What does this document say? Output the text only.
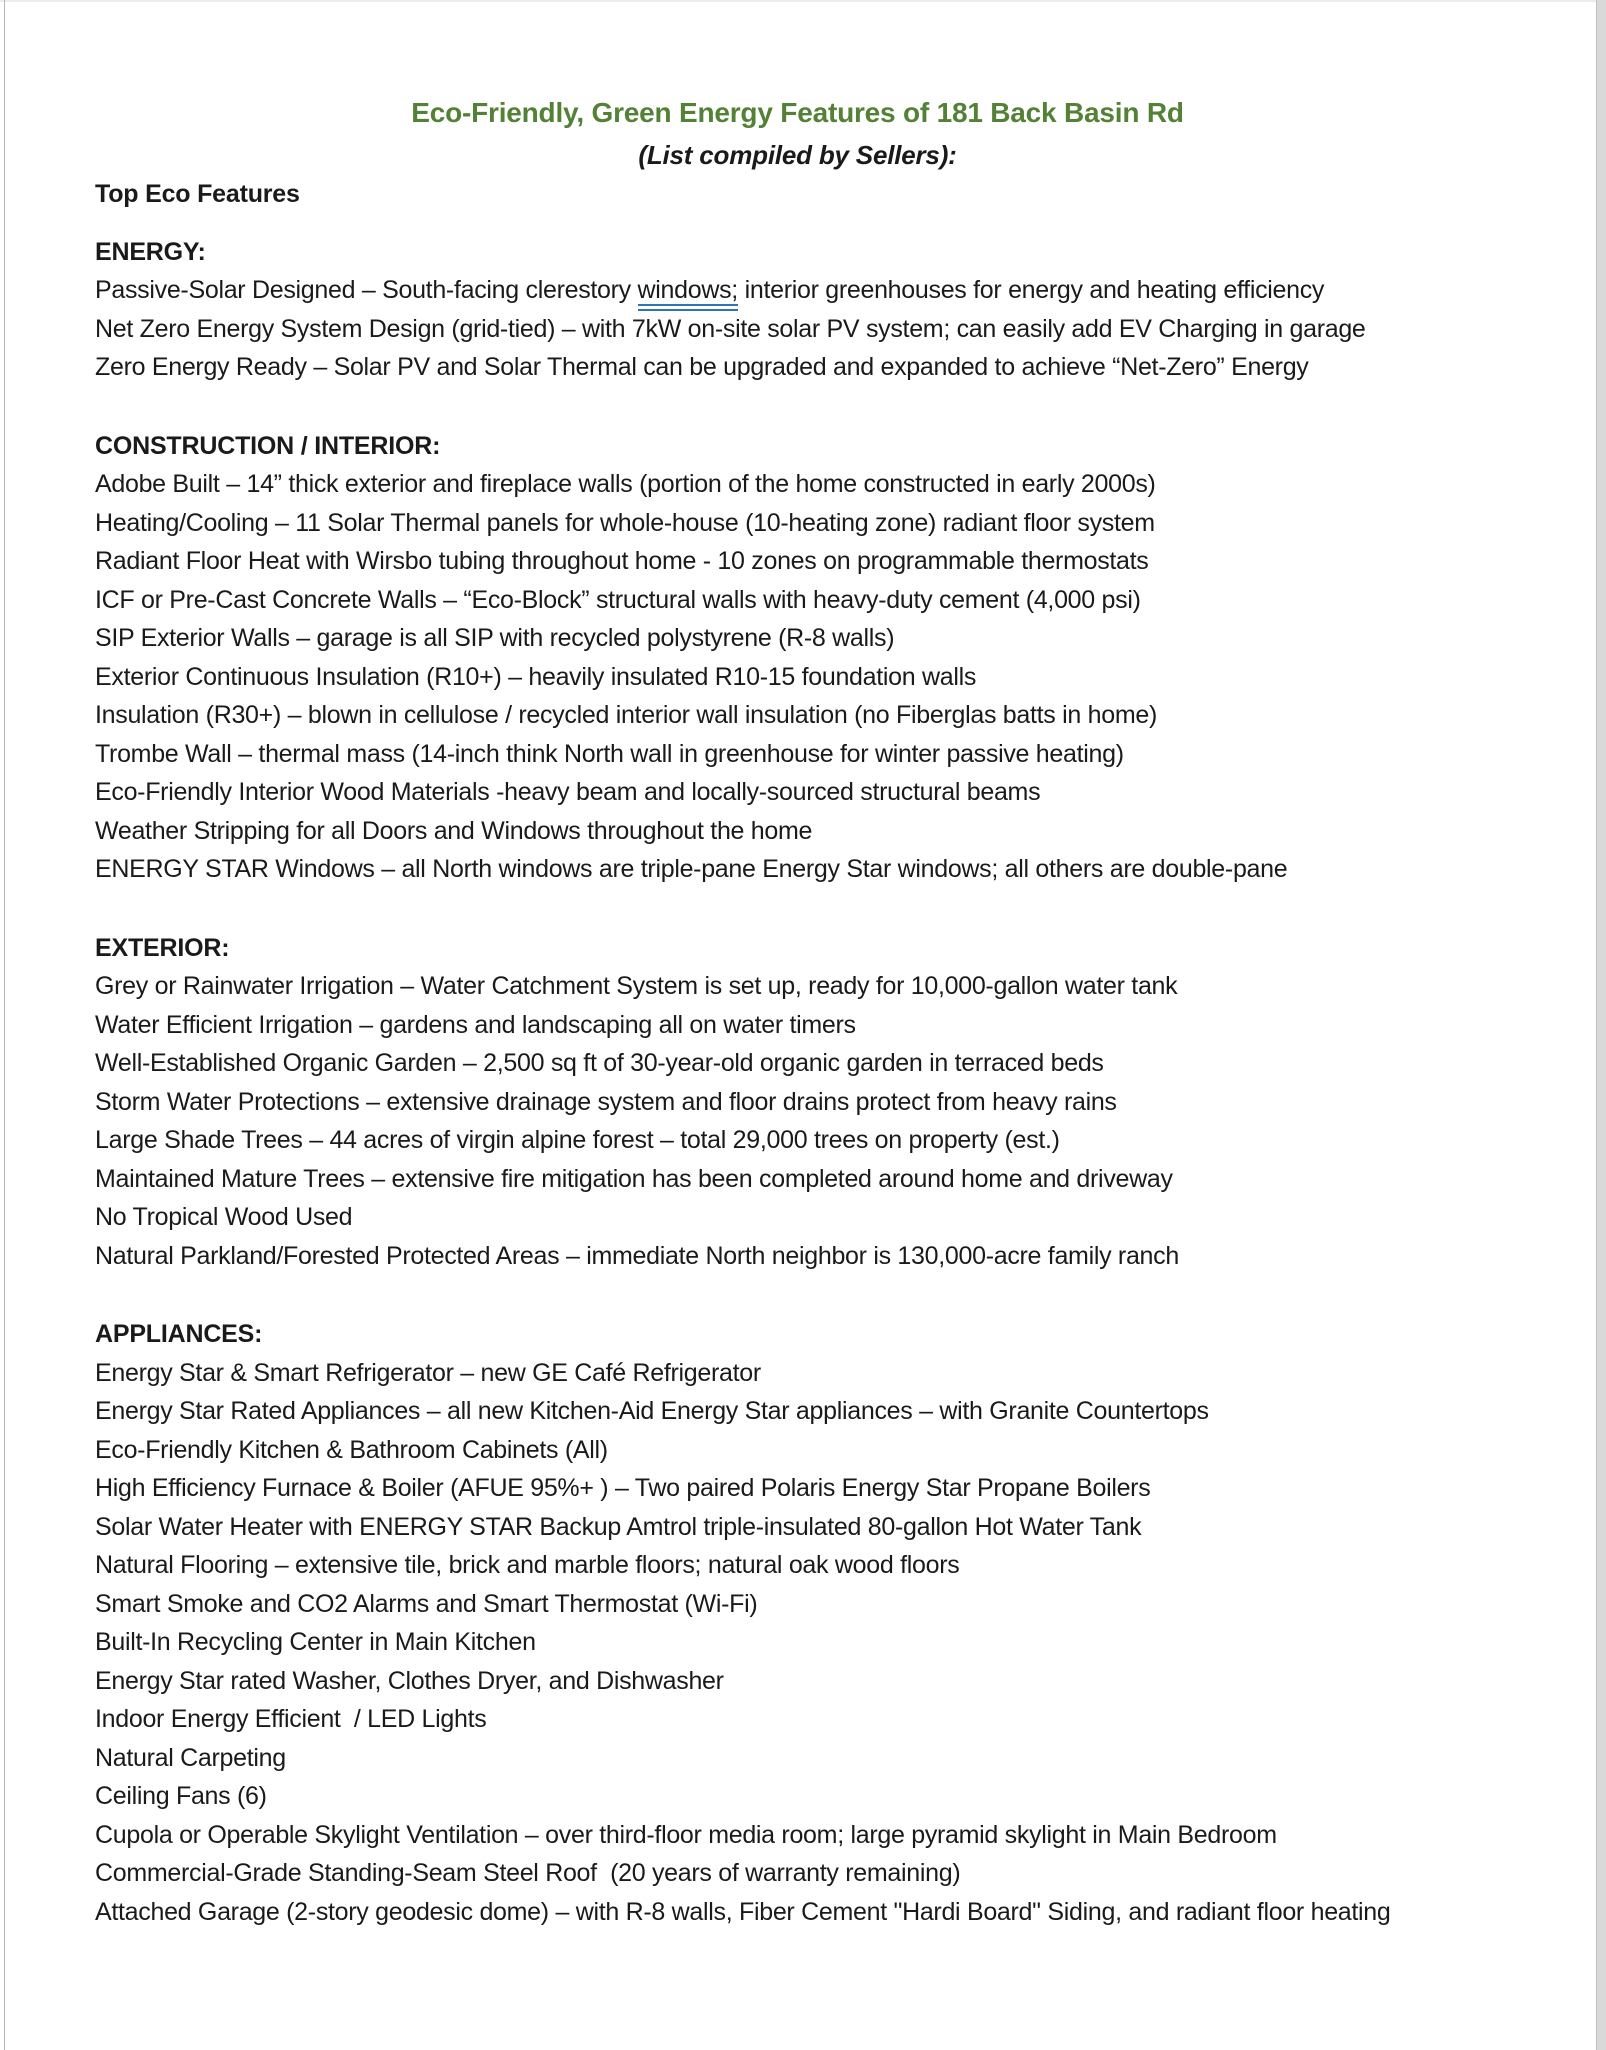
Eco-Friendly, Green Energy Features of 181 Back Basin Rd

(List compiled by Sellers):

Top Eco Features

ENERGY:

Passive-Solar Designed – South-facing clerestory windows; interior greenhouses for energy and heating efficiency

Net Zero Energy System Design (grid-tied) – with 7kW on-site solar PV system; can easily add EV Charging in garage

Zero Energy Ready – Solar PV and Solar Thermal can be upgraded and expanded to achieve “Net-Zero” Energy

CONSTRUCTION / INTERIOR:

Adobe Built – 14” thick exterior and fireplace walls (portion of the home constructed in early 2000s)

Heating/Cooling – 11 Solar Thermal panels for whole-house (10-heating zone) radiant floor system

Radiant Floor Heat with Wirsbo tubing throughout home - 10 zones on programmable thermostats

ICF or Pre-Cast Concrete Walls – “Eco-Block” structural walls with heavy-duty cement (4,000 psi)

SIP Exterior Walls – garage is all SIP with recycled polystyrene (R-8 walls)

Exterior Continuous Insulation (R10+) – heavily insulated R10-15 foundation walls

Insulation (R30+) – blown in cellulose / recycled interior wall insulation (no Fiberglas batts in home)

Trombe Wall – thermal mass (14-inch think North wall in greenhouse for winter passive heating)

Eco-Friendly Interior Wood Materials -heavy beam and locally-sourced structural beams

Weather Stripping for all Doors and Windows throughout the home

ENERGY STAR Windows – all North windows are triple-pane Energy Star windows; all others are double-pane

EXTERIOR:

Grey or Rainwater Irrigation – Water Catchment System is set up, ready for 10,000-gallon water tank

Water Efficient Irrigation – gardens and landscaping all on water timers

Well-Established Organic Garden – 2,500 sq ft of 30-year-old organic garden in terraced beds

Storm Water Protections – extensive drainage system and floor drains protect from heavy rains

Large Shade Trees – 44 acres of virgin alpine forest – total 29,000 trees on property (est.)

Maintained Mature Trees – extensive fire mitigation has been completed around home and driveway

No Tropical Wood Used

Natural Parkland/Forested Protected Areas – immediate North neighbor is 130,000-acre family ranch

APPLIANCES:

Energy Star & Smart Refrigerator – new GE Café Refrigerator

Energy Star Rated Appliances – all new Kitchen-Aid Energy Star appliances – with Granite Countertops

Eco-Friendly Kitchen & Bathroom Cabinets (All)

High Efficiency Furnace & Boiler (AFUE 95%+ ) – Two paired Polaris Energy Star Propane Boilers

Solar Water Heater with ENERGY STAR Backup Amtrol triple-insulated 80-gallon Hot Water Tank

Natural Flooring – extensive tile, brick and marble floors; natural oak wood floors

Smart Smoke and CO2 Alarms and Smart Thermostat (Wi-Fi)

Built-In Recycling Center in Main Kitchen

Energy Star rated Washer, Clothes Dryer, and Dishwasher

Indoor Energy Efficient  / LED Lights

Natural Carpeting

Ceiling Fans (6)

Cupola or Operable Skylight Ventilation – over third-floor media room; large pyramid skylight in Main Bedroom

Commercial-Grade Standing-Seam Steel Roof  (20 years of warranty remaining)

Attached Garage (2-story geodesic dome) – with R-8 walls, Fiber Cement "Hardi Board" Siding, and radiant floor heating
